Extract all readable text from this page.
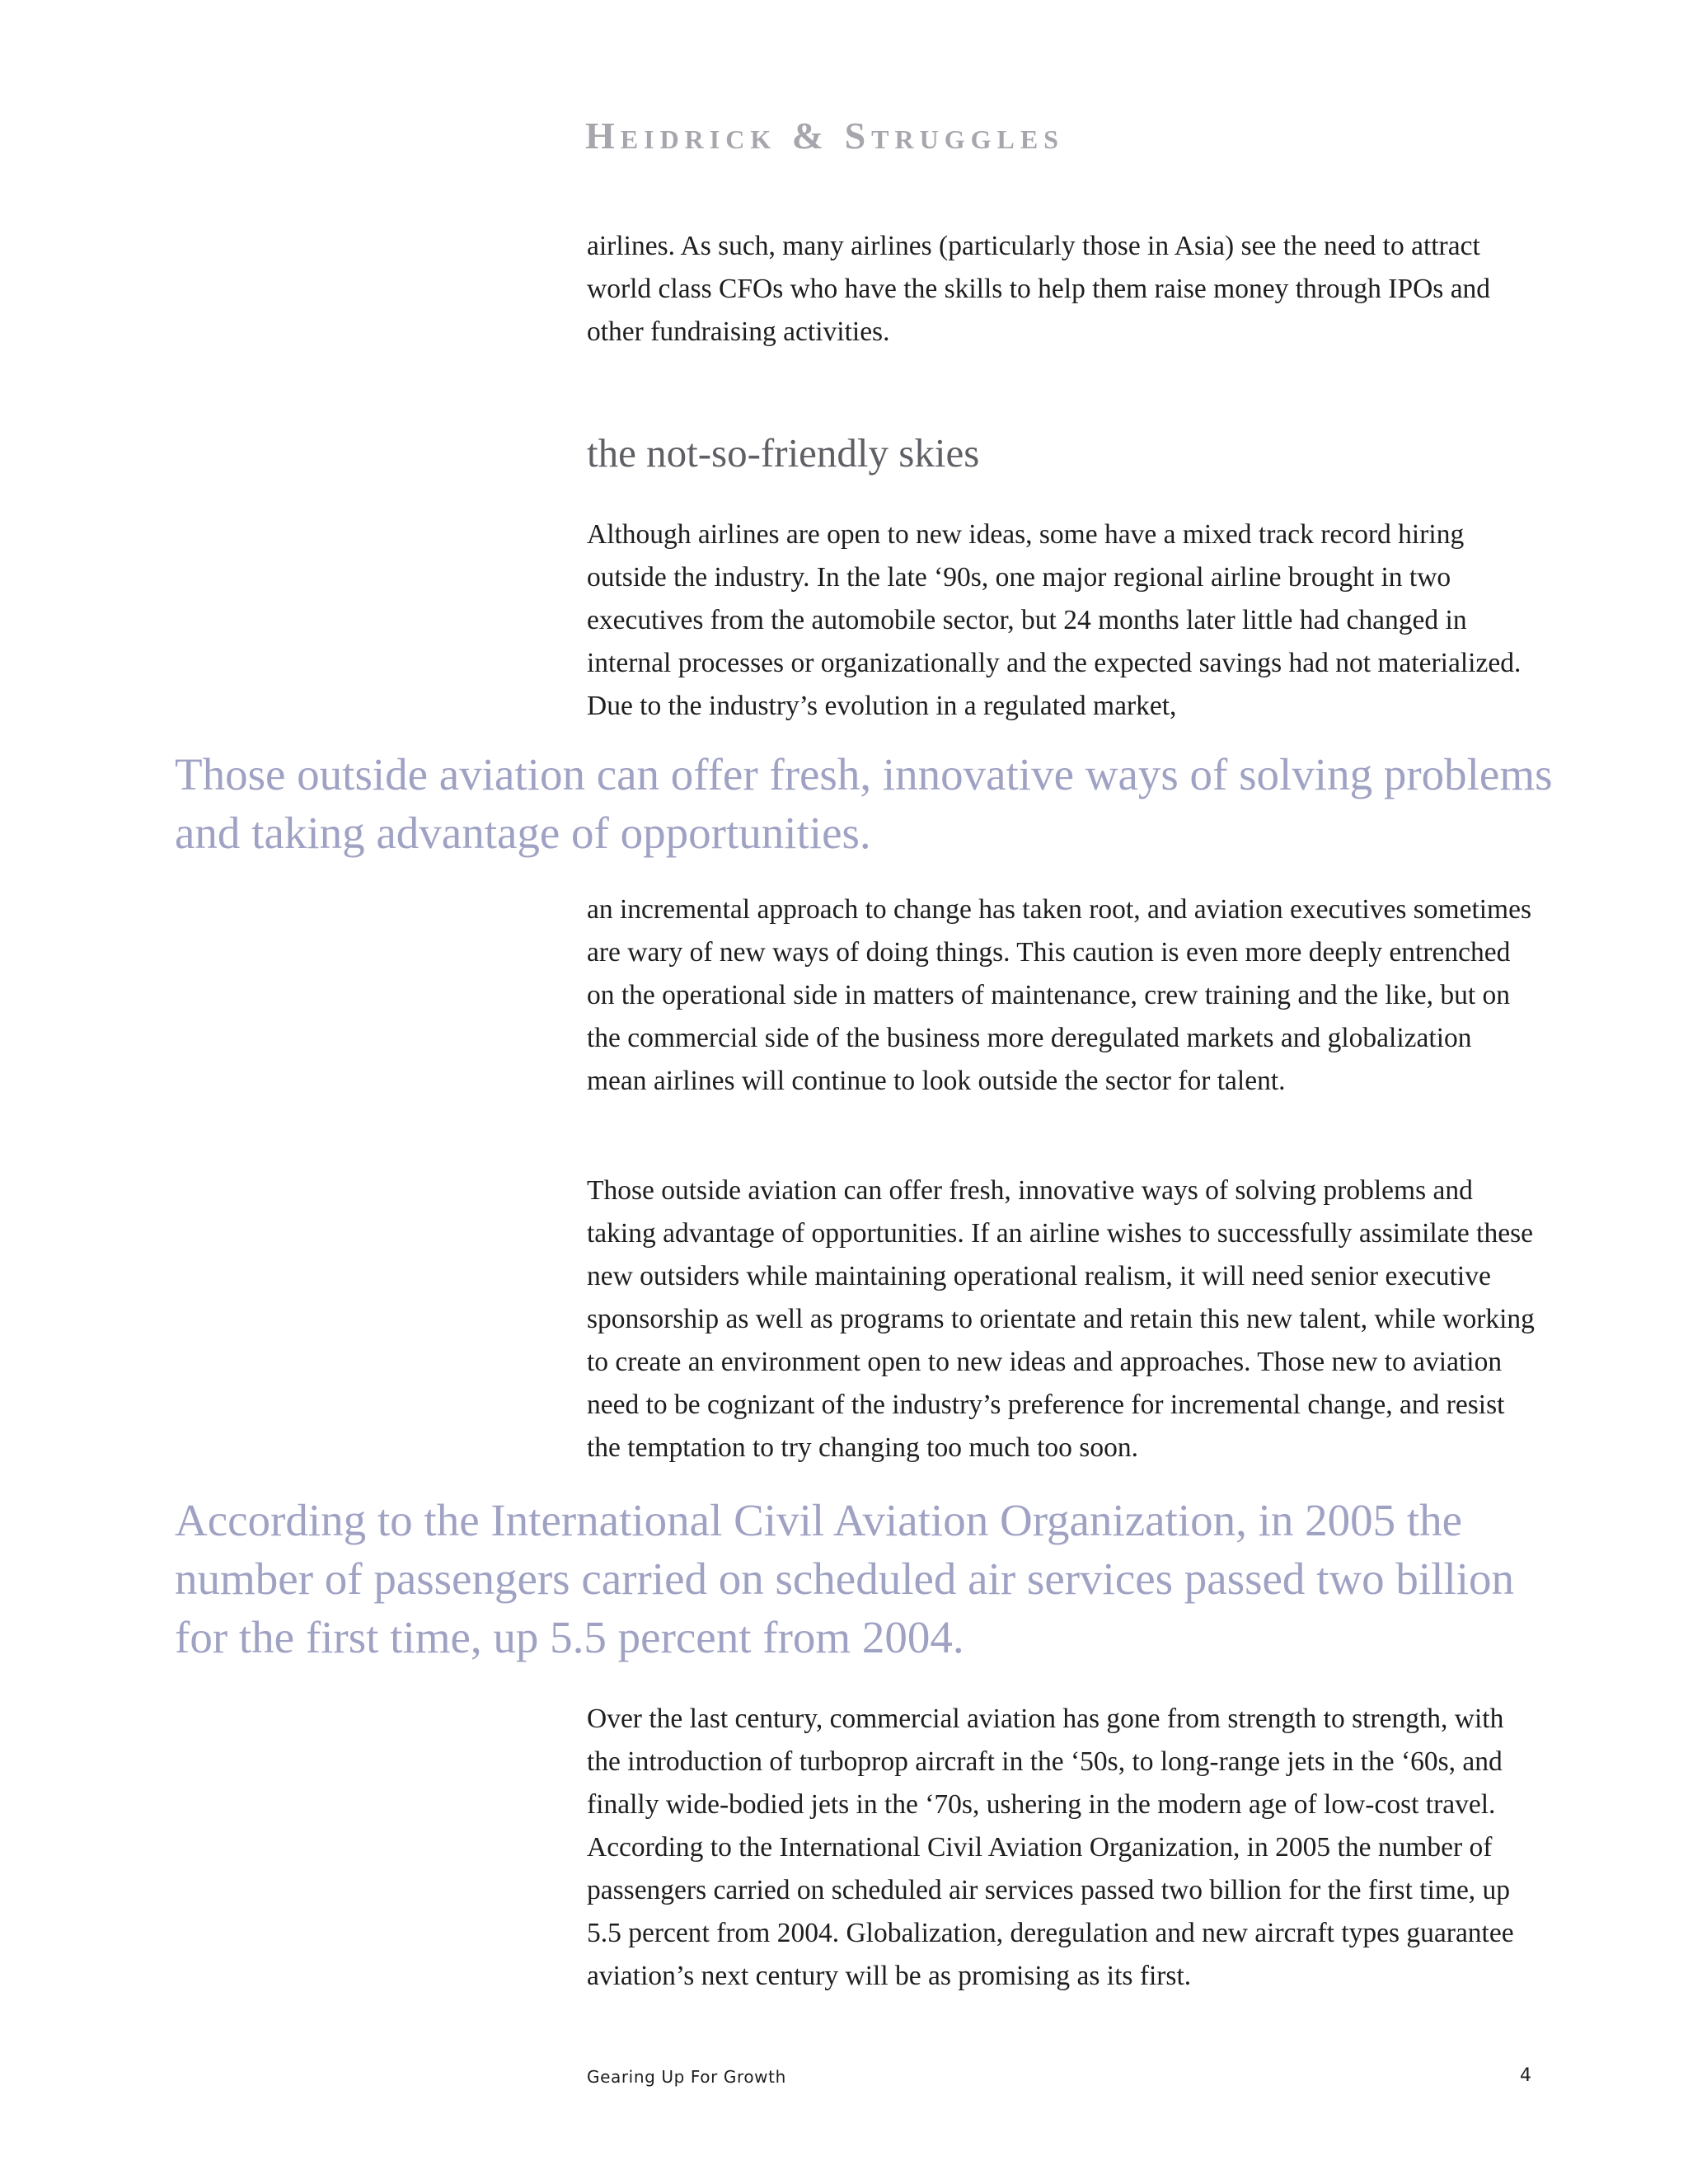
Heidrick & Struggles

airlines. As such, many airlines (particularly those in Asia) see the need to attract world class CFOs who have the skills to help them raise money through IPOs and other fundraising activities.

the not-so-friendly skies

Although airlines are open to new ideas, some have a mixed track record hiring outside the industry. In the late ‘90s, one major regional airline brought in two executives from the automobile sector, but 24 months later little had changed in internal processes or organizationally and the expected savings had not materialized. Due to the industry’s evolution in a regulated market,

Those outside aviation can offer fresh, innovative ways of solving problems and taking advantage of opportunities.

an incremental approach to change has taken root, and aviation executives sometimes are wary of new ways of doing things. This caution is even more deeply entrenched on the operational side in matters of maintenance, crew training and the like, but on the commercial side of the business more deregulated markets and globalization mean airlines will continue to look outside the sector for talent.

Those outside aviation can offer fresh, innovative ways of solving problems and taking advantage of opportunities. If an airline wishes to successfully assimilate these new outsiders while maintaining operational realism, it will need senior executive sponsorship as well as programs to orientate and retain this new talent, while working to create an environment open to new ideas and approaches. Those new to aviation need to be cognizant of the industry’s preference for incremental change, and resist the temptation to try changing too much too soon.

According to the International Civil Aviation Organization, in 2005 the number of passengers carried on scheduled air services passed two billion for the first time, up 5.5 percent from 2004.

Over the last century, commercial aviation has gone from strength to strength, with the introduction of turboprop aircraft in the ‘50s, to long-range jets in the ‘60s, and finally wide-bodied jets in the ‘70s, ushering in the modern age of low-cost travel. According to the International Civil Aviation Organization, in 2005 the number of passengers carried on scheduled air services passed two billion for the first time, up 5.5 percent from 2004. Globalization, deregulation and new aircraft types guarantee aviation’s next century will be as promising as its first.

Gearing Up For Growth	4
